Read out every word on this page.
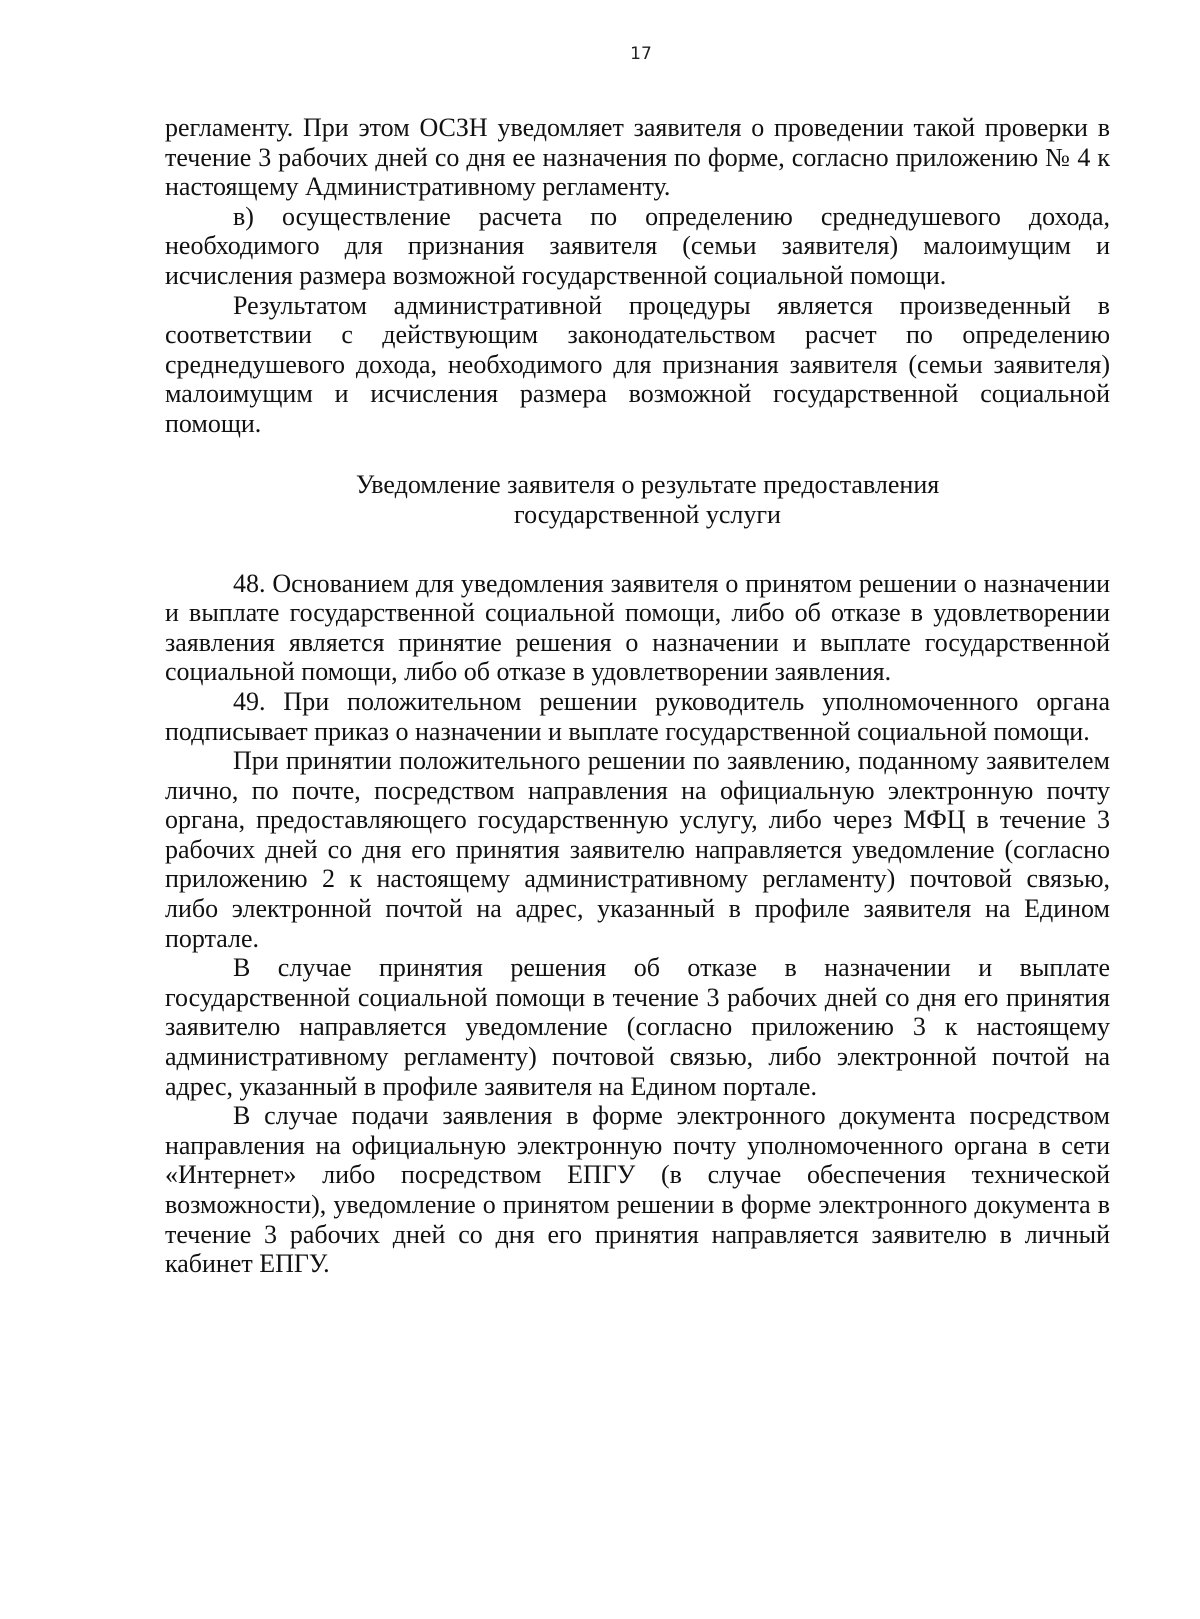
17

регламенту. При этом ОСЗН уведомляет заявителя о проведении такой проверки в течение 3 рабочих дней со дня ее назначения по форме, согласно приложению № 4 к настоящему Административному регламенту.

в) осуществление расчета по определению среднедушевого дохода, необходимого для признания заявителя (семьи заявителя) малоимущим и исчисления размера возможной государственной социальной помощи.

Результатом административной процедуры является произведенный в соответствии с действующим законодательством расчет по определению среднедушевого дохода, необходимого для признания заявителя (семьи заявителя) малоимущим и исчисления размера возможной государственной социальной помощи.

Уведомление заявителя о результате предоставления
государственной услуги

48. Основанием для уведомления заявителя о принятом решении о назначении и выплате государственной социальной помощи, либо об отказе в удовлетворении заявления является принятие решения о назначении и выплате государственной социальной помощи, либо об отказе в удовлетворении заявления.

49. При положительном решении руководитель уполномоченного органа подписывает приказ о назначении и выплате государственной социальной помощи.

При принятии положительного решении по заявлению, поданному заявителем лично, по почте, посредством направления на официальную электронную почту органа, предоставляющего государственную услугу, либо через МФЦ в течение 3 рабочих дней со дня его принятия заявителю направляется уведомление (согласно приложению 2 к настоящему административному регламенту) почтовой связью, либо электронной почтой на адрес, указанный в профиле заявителя на Едином портале.

В случае принятия решения об отказе в назначении и выплате государственной социальной помощи в течение 3 рабочих дней со дня его принятия заявителю направляется уведомление (согласно приложению 3 к настоящему административному регламенту) почтовой связью, либо электронной почтой на адрес, указанный в профиле заявителя на Едином портале.

В случае подачи заявления в форме электронного документа посредством направления на официальную электронную почту уполномоченного органа в сети «Интернет» либо посредством ЕПГУ (в случае обеспечения технической возможности), уведомление о принятом решении в форме электронного документа в течение 3 рабочих дней со дня его принятия направляется заявителю в личный кабинет ЕПГУ.
